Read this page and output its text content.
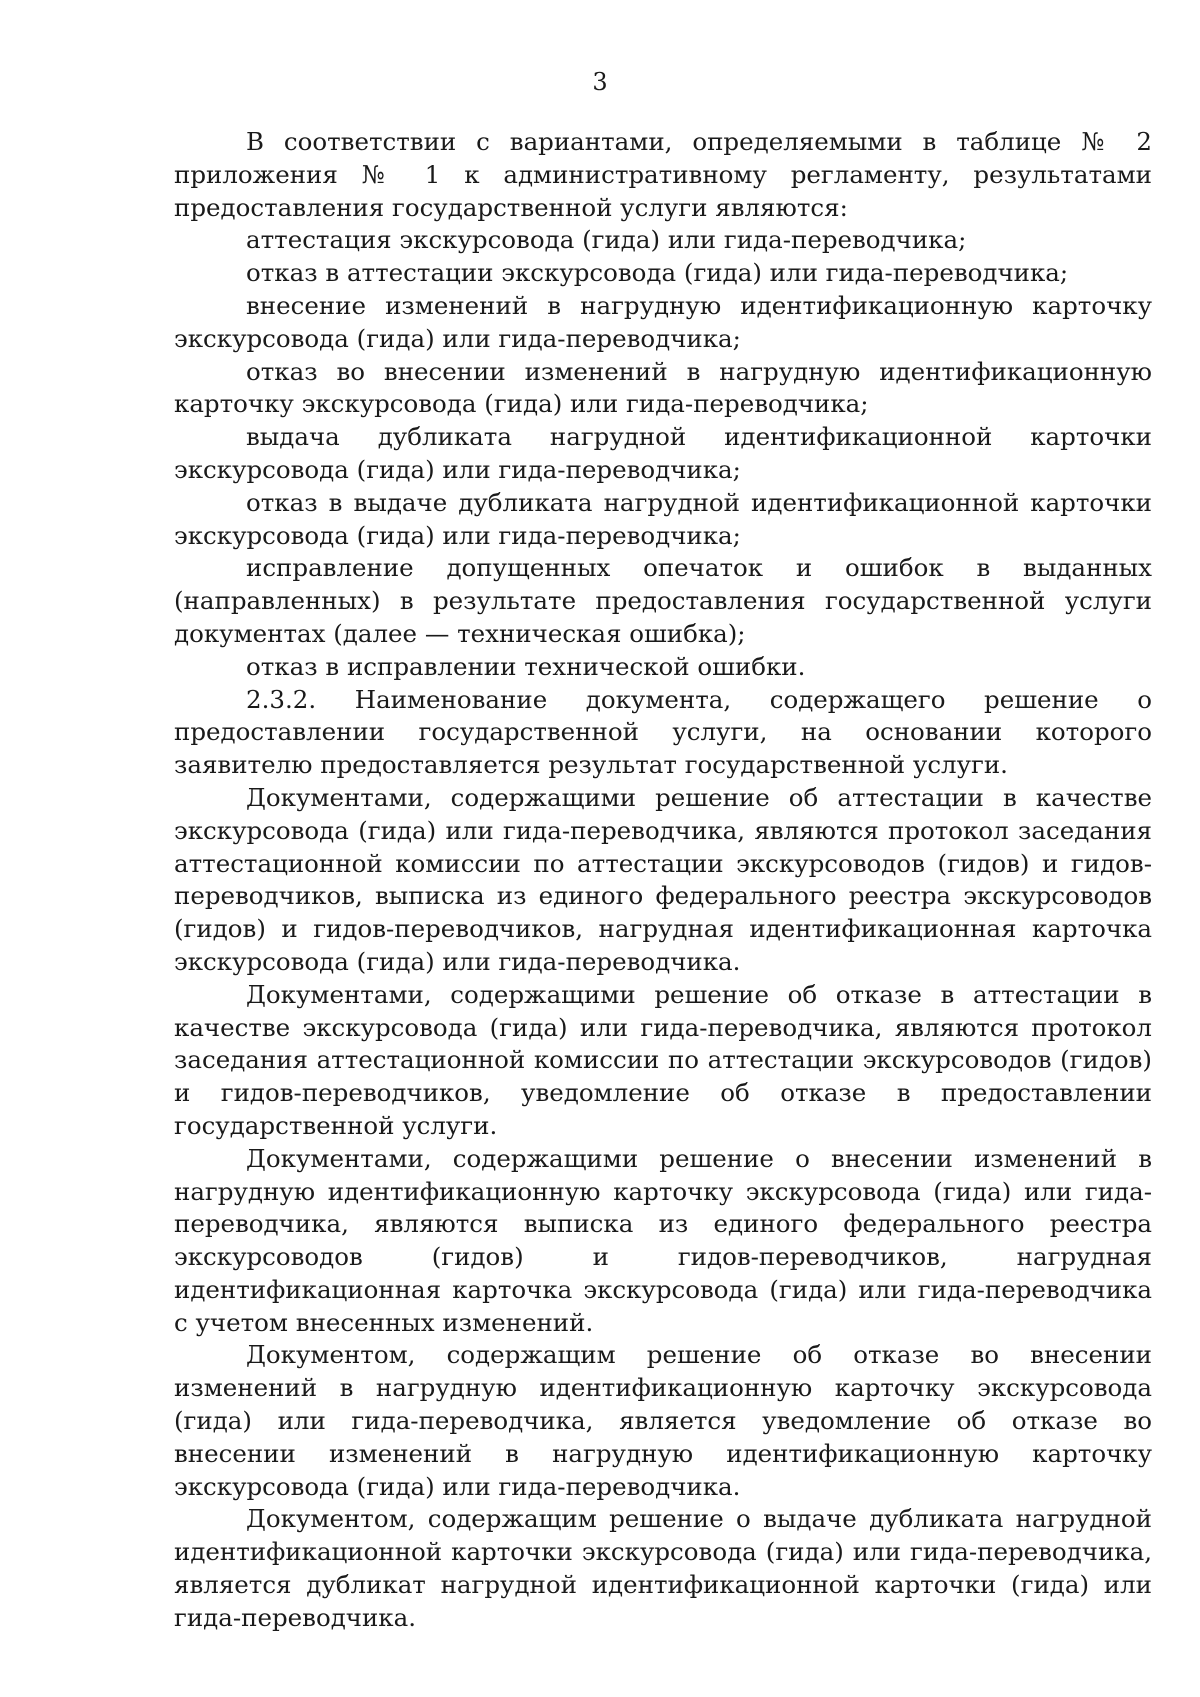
3

В соответствии с вариантами, определяемыми в таблице № 2 приложения № 1 к административному регламенту, результатами предоставления государственной услуги являются:

аттестация экскурсовода (гида) или гида-переводчика;

отказ в аттестации экскурсовода (гида) или гида-переводчика;

внесение изменений в нагрудную идентификационную карточку экскурсовода (гида) или гида-переводчика;

отказ во внесении изменений в нагрудную идентификационную карточку экскурсовода (гида) или гида-переводчика;

выдача дубликата нагрудной идентификационной карточки экскурсовода (гида) или гида-переводчика;

отказ в выдаче дубликата нагрудной идентификационной карточки экскурсовода (гида) или гида-переводчика;

исправление допущенных опечаток и ошибок в выданных (направленных) в результате предоставления государственной услуги документах (далее — техническая ошибка);

отказ в исправлении технической ошибки.

2.3.2. Наименование документа, содержащего решение о предоставлении государственной услуги, на основании которого заявителю предоставляется результат государственной услуги.

Документами, содержащими решение об аттестации в качестве экскурсовода (гида) или гида-переводчика, являются протокол заседания аттестационной комиссии по аттестации экскурсоводов (гидов) и гидов-переводчиков, выписка из единого федерального реестра экскурсоводов (гидов) и гидов-переводчиков, нагрудная идентификационная карточка экскурсовода (гида) или гида-переводчика.

Документами, содержащими решение об отказе в аттестации в качестве экскурсовода (гида) или гида-переводчика, являются протокол заседания аттестационной комиссии по аттестации экскурсоводов (гидов) и гидов-переводчиков, уведомление об отказе в предоставлении государственной услуги.

Документами, содержащими решение о внесении изменений в нагрудную идентификационную карточку экскурсовода (гида) или гида-переводчика, являются выписка из единого федерального реестра экскурсоводов (гидов) и гидов-переводчиков, нагрудная идентификационная карточка экскурсовода (гида) или гида-переводчика с учетом внесенных изменений.

Документом, содержащим решение об отказе во внесении изменений в нагрудную идентификационную карточку экскурсовода (гида) или гида-переводчика, является уведомление об отказе во внесении изменений в нагрудную идентификационную карточку экскурсовода (гида) или гида-переводчика.

Документом, содержащим решение о выдаче дубликата нагрудной идентификационной карточки экскурсовода (гида) или гида-переводчика, является дубликат нагрудной идентификационной карточки (гида) или гида-переводчика.
